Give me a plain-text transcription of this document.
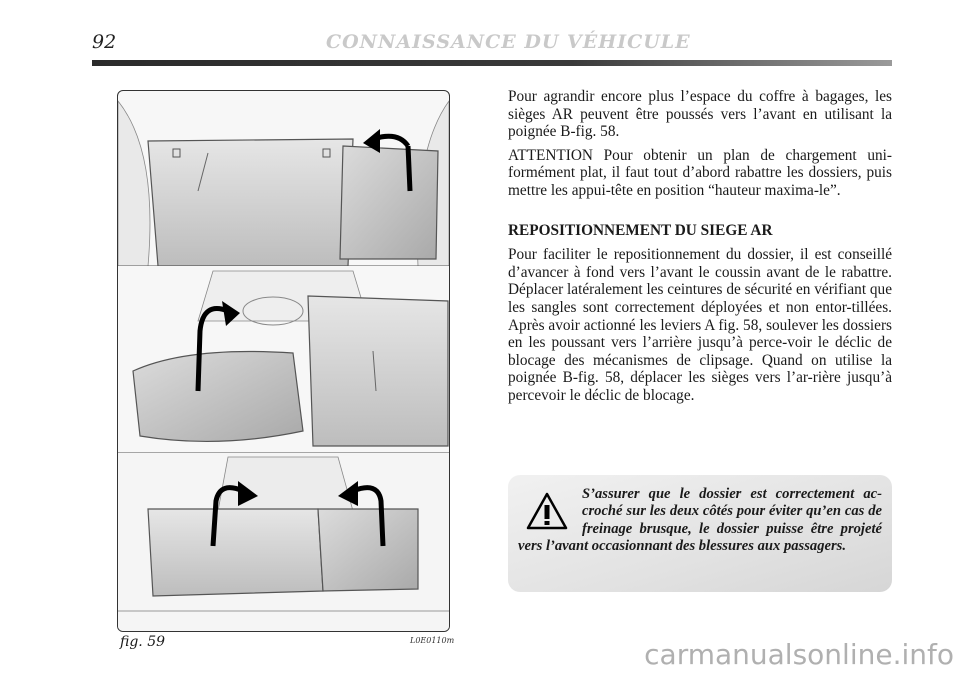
92	CONNAISSANCE DU VÉHICULE
fig. 59	L0E0110m

Pour agrandir encore plus l’espace du coffre à bagages, les sièges AR peuvent être poussés vers l’avant en utilisant la poignée B-fig. 58.

ATTENTION Pour obtenir un plan de chargement uni-formément plat, il faut tout d’abord rabattre les dossiers, puis mettre les appui-tête en position “hauteur maxima-le”.

REPOSITIONNEMENT DU SIEGE AR

Pour faciliter le repositionnement du dossier, il est conseillé d’avancer à fond vers l’avant le coussin avant de le rabattre. Déplacer latéralement les ceintures de sécurité en vérifiant que les sangles sont correctement déployées et non entor-tillées. Après avoir actionné les leviers A fig. 58, soulever les dossiers en les poussant vers l’arrière jusqu’à perce-voir le déclic de blocage des mécanismes de clipsage. Quand on utilise la poignée B-fig. 58, déplacer les sièges vers l’ar-rière jusqu’à percevoir le déclic de blocage.

S’assurer que le dossier est correctement ac-croché sur les deux côtés pour éviter qu’en cas de freinage brusque, le dossier puisse être projeté vers l’avant occasionnant des blessures aux passagers.

carmanualsonline.info
